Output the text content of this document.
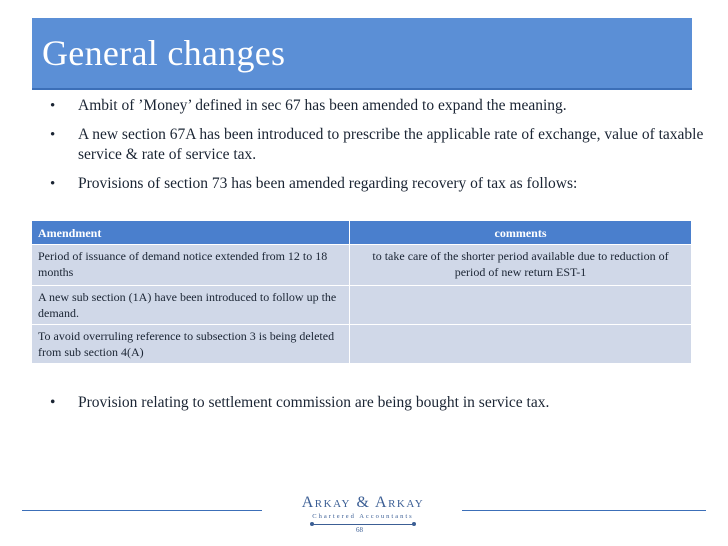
General changes
• Ambit of ’Money’ defined in sec 67 has been amended to expand the meaning.
• A new section 67A has been introduced to prescribe the applicable rate of exchange, value of taxable service & rate of service tax.
• Provisions of section 73 has been amended regarding recovery of tax as follows:
Amendment	comments
Period of issuance of demand notice extended from 12 to 18 months	to take care of the shorter period available due to reduction of period of new return EST-1
A new sub section (1A) have been introduced to follow up the demand.	
To avoid overruling reference to subsection 3 is being deleted from sub section 4(A)	
• Provision relating to settlement commission are being bought in service tax.
Arkay & Arkay
Chartered Accountants
68
